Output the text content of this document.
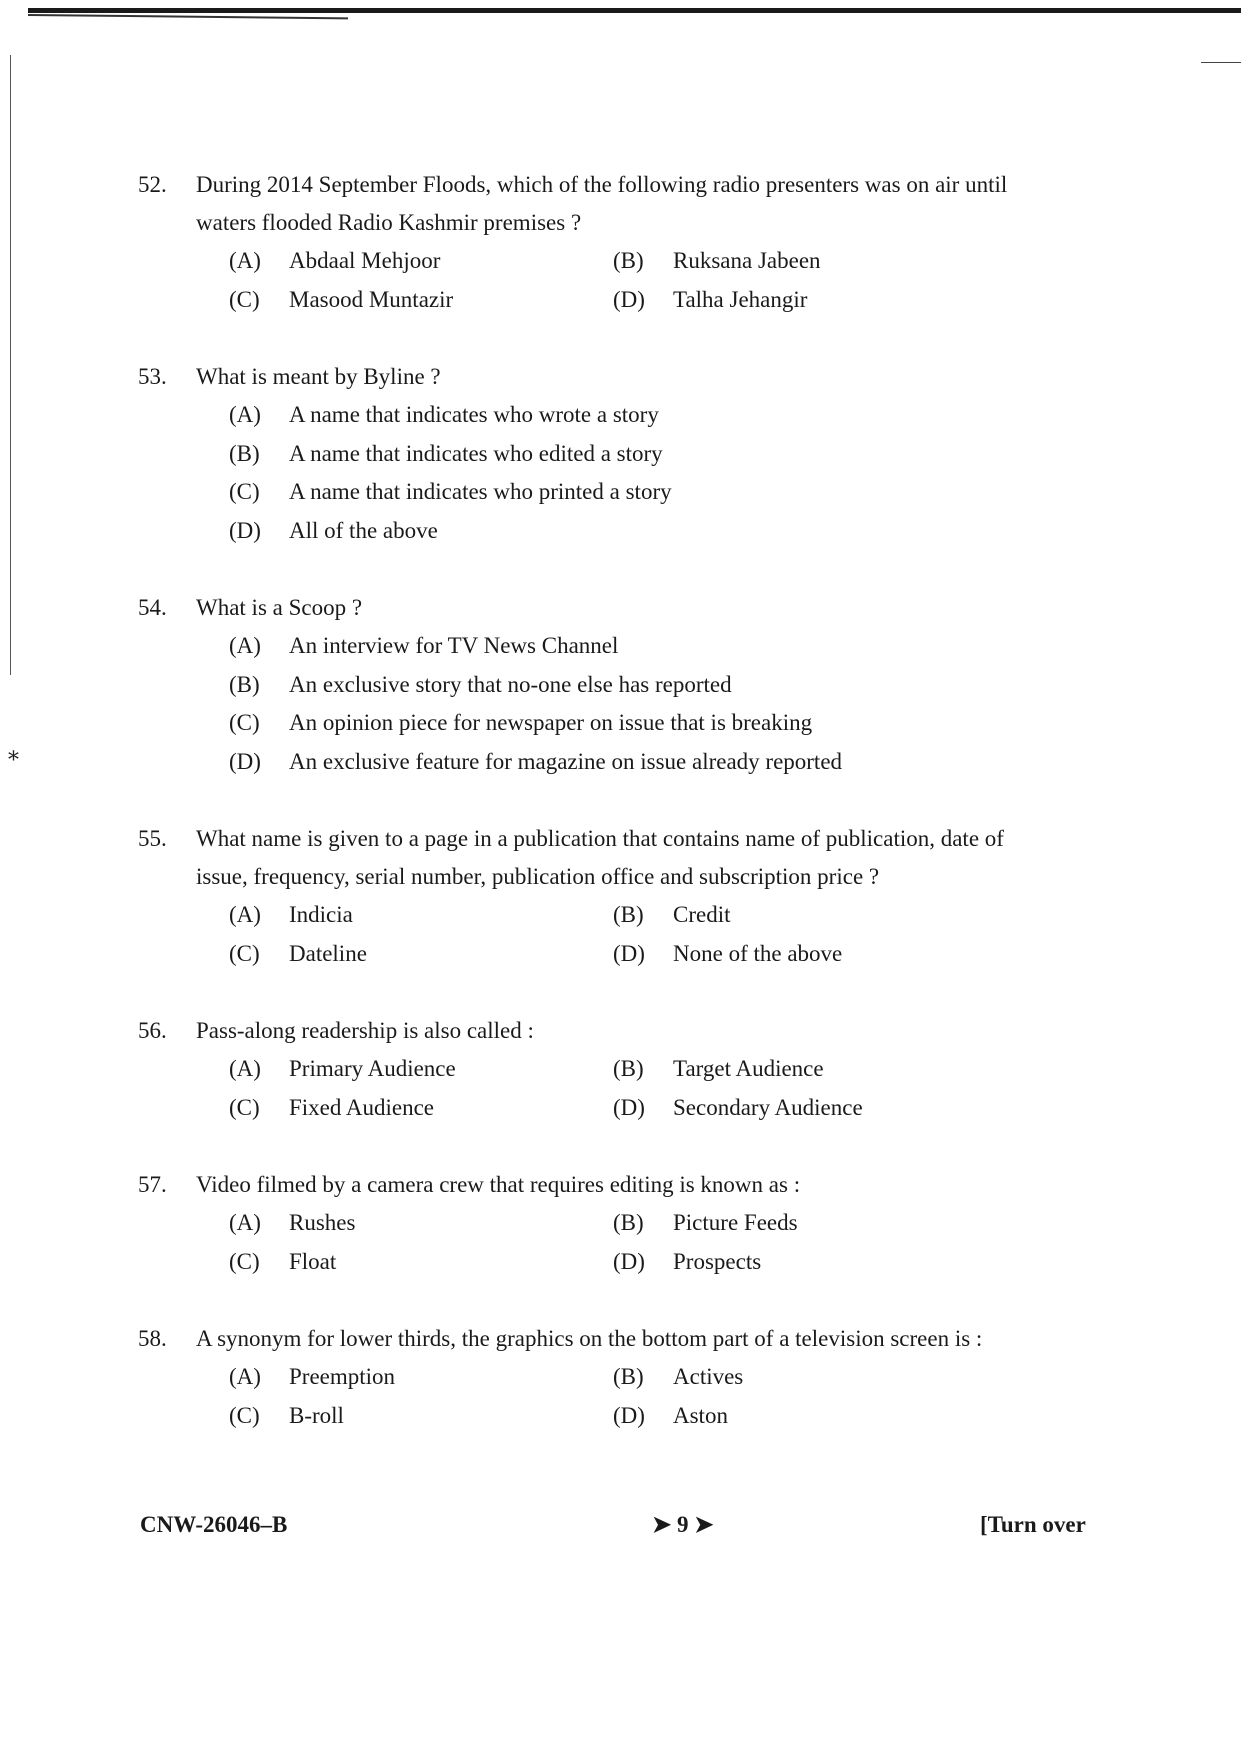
⁎
52.	During 2014 September Floods, which of the following radio presenters was on air until waters flooded Radio Kashmir premises ?
(A)	Abdaal Mehjoor	(B)	Ruksana Jabeen
(C)	Masood Muntazir	(D)	Talha Jehangir
53.	What is meant by Byline ?
(A)	A name that indicates who wrote a story
(B)	A name that indicates who edited a story
(C)	A name that indicates who printed a story
(D)	All of the above
54.	What is a Scoop ?
(A)	An interview for TV News Channel
(B)	An exclusive story that no-one else has reported
(C)	An opinion piece for newspaper on issue that is breaking
(D)	An exclusive feature for magazine on issue already reported
55.	What name is given to a page in a publication that contains name of publication, date of issue, frequency, serial number, publication office and subscription price ?
(A)	Indicia	(B)	Credit
(C)	Dateline	(D)	None of the above
56.	Pass-along readership is also called :
(A)	Primary Audience	(B)	Target Audience
(C)	Fixed Audience	(D)	Secondary Audience
57.	Video filmed by a camera crew that requires editing is known as :
(A)	Rushes	(B)	Picture Feeds
(C)	Float	(D)	Prospects
58.	A synonym for lower thirds, the graphics on the bottom part of a television screen is :
(A)	Preemption	(B)	Actives
(C)	B-roll	(D)	Aston
CNW-26046–B	➤ 9 ➤	[Turn over
